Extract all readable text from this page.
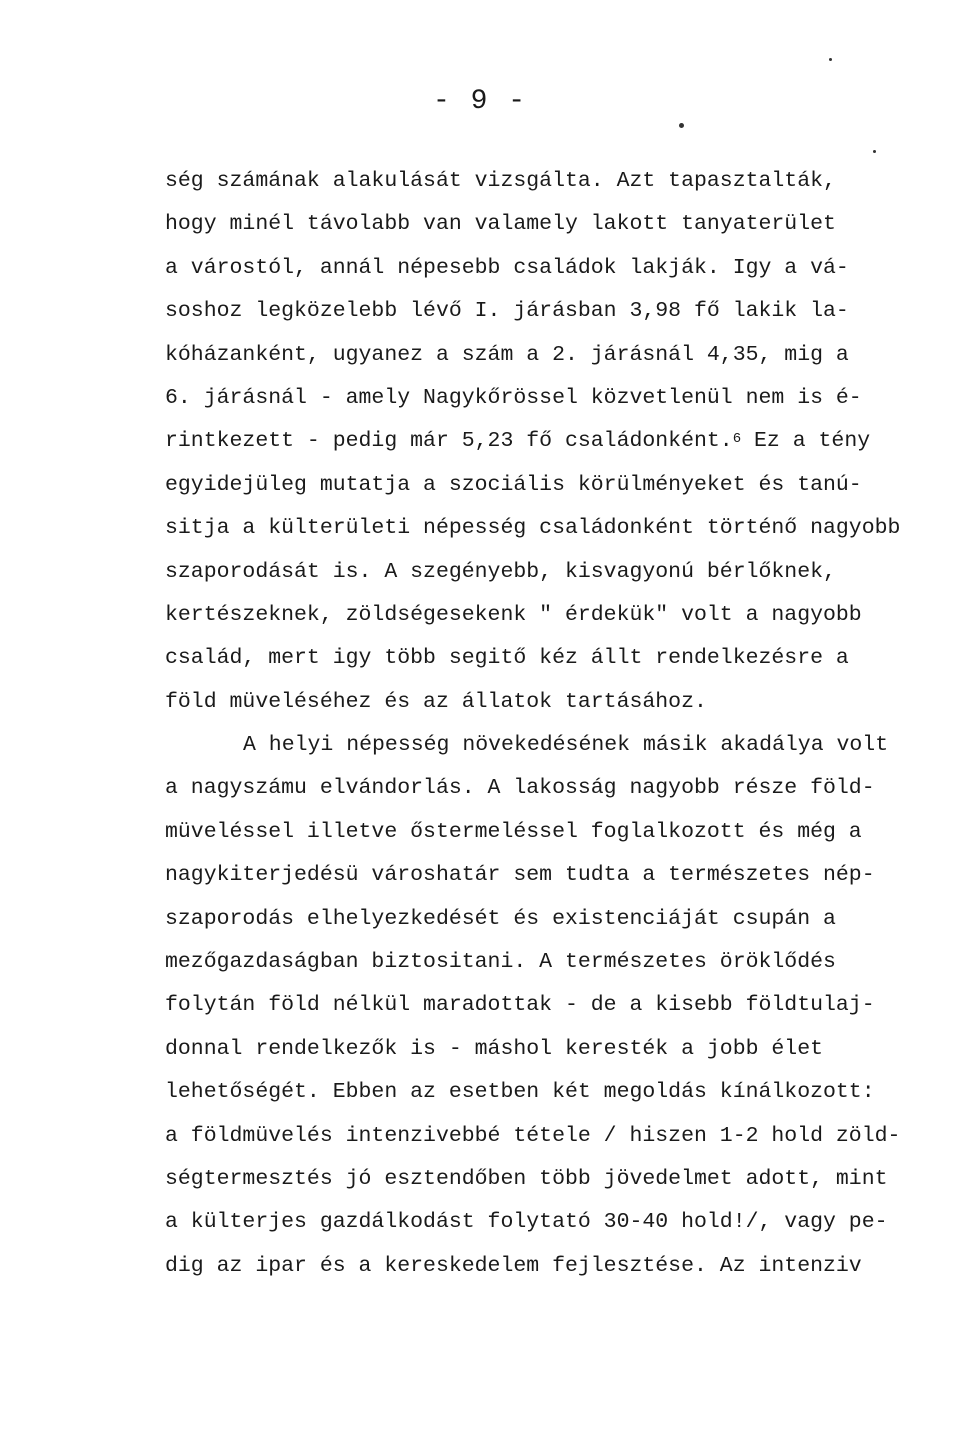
- 9 -
ség számának alakulását vizsgálta. Azt tapasztalták,
hogy minél távolabb van valamely lakott tanyaterület
a várostól, annál népesebb családok lakják. Igy a vá-
soshoz legközelebb lévő I. járásban 3,98 fő lakik la-
kóházanként, ugyanez a szám a 2. járásnál 4,35, mig a
6. járásnál - amely Nagykőrössel közvetlenül nem is é-
rintkezett - pedig már 5,23 fő családonként.$^6$ Ez a tény
egyidejüleg mutatja a szociális körülményeket és tanú-
sitja a külterületi népesség családonként történő nagyobb
szaporodását is. A szegényebb, kisvagyonú bérlőknek,
kertészeknek, zöldségesekenk " érdekük" volt a nagyobb
család, mert igy több segitő kéz állt rendelkezésre a
föld müveléséhez és az állatok tartásához.
A helyi népesség növekedésének másik akadálya volt
a nagyszámu elvándorlás. A lakosság nagyobb része föld-
müveléssel illetve őstermeléssel foglalkozott és még a
nagykiterjedésü városhatár sem tudta a természetes nép-
szaporodás elhelyezkedését és existenciáját csupán a
mezőgazdaságban biztositani. A természetes öröklődés
folytán föld nélkül maradottak - de a kisebb földtulaj-
donnal rendelkezők is - máshol keresték a jobb élet
lehetőségét. Ebben az esetben két megoldás kínálkozott:
a földmüvelés intenzivebbé tétele / hiszen 1-2 hold zöld-
ségtermesztés jó esztendőben több jövedelmet adott, mint
a külterjes gazdálkodást folytató 30-40 hold!/, vagy pe-
dig az ipar és a kereskedelem fejlesztése. Az intenziv
